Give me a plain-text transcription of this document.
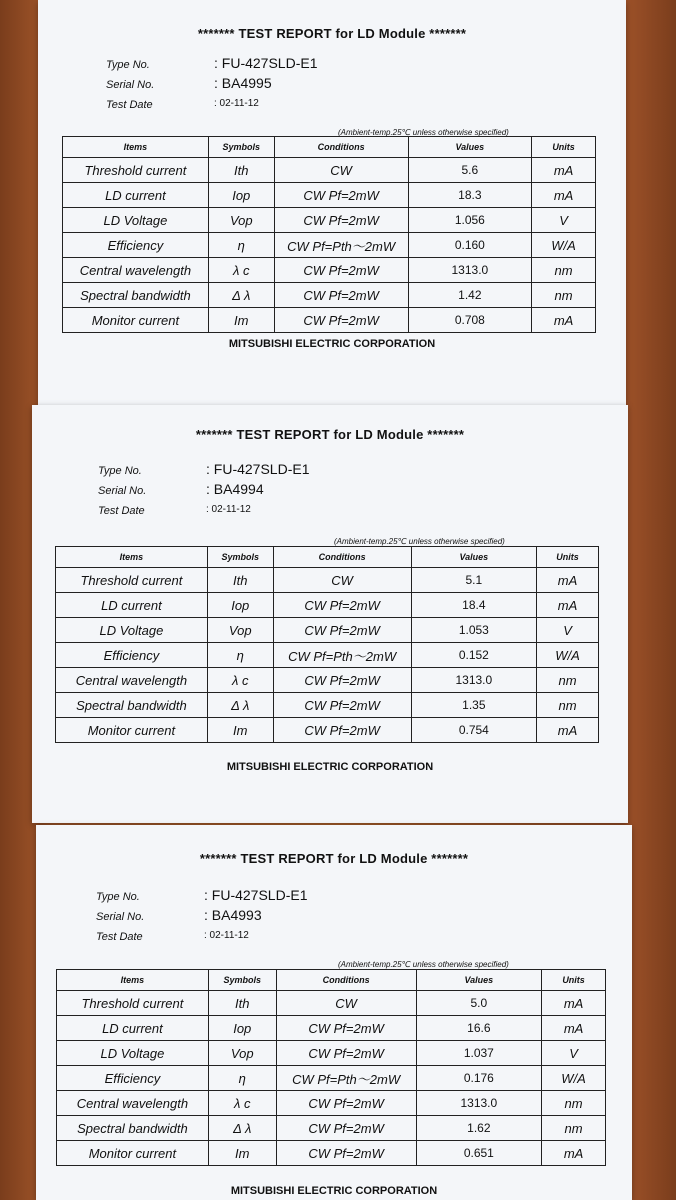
******* TEST REPORT for LD Module *******
Type No.	: FU-427SLD-E1
Serial No.	: BA4995
Test Date	: 02-11-12
(Ambient-temp.25℃ unless otherwise specified)
Items	Symbols	Conditions	Values	Units
Threshold current	Ith	CW	5.6	mA
LD current	Iop	CW Pf=2mW	18.3	mA
LD Voltage	Vop	CW Pf=2mW	1.056	V
Efficiency	η	CW Pf=Pth～2mW	0.160	W/A
Central wavelength	λ c	CW Pf=2mW	1313.0	nm
Spectral bandwidth	Δ λ	CW Pf=2mW	1.42	nm
Monitor current	Im	CW Pf=2mW	0.708	mA
MITSUBISHI ELECTRIC CORPORATION
******* TEST REPORT for LD Module *******
Type No.	: FU-427SLD-E1
Serial No.	: BA4994
Test Date	: 02-11-12
(Ambient-temp.25℃ unless otherwise specified)
Items	Symbols	Conditions	Values	Units
Threshold current	Ith	CW	5.1	mA
LD current	Iop	CW Pf=2mW	18.4	mA
LD Voltage	Vop	CW Pf=2mW	1.053	V
Efficiency	η	CW Pf=Pth～2mW	0.152	W/A
Central wavelength	λ c	CW Pf=2mW	1313.0	nm
Spectral bandwidth	Δ λ	CW Pf=2mW	1.35	nm
Monitor current	Im	CW Pf=2mW	0.754	mA
MITSUBISHI ELECTRIC CORPORATION
******* TEST REPORT for LD Module *******
Type No.	: FU-427SLD-E1
Serial No.	: BA4993
Test Date	: 02-11-12
(Ambient-temp.25℃ unless otherwise specified)
Items	Symbols	Conditions	Values	Units
Threshold current	Ith	CW	5.0	mA
LD current	Iop	CW Pf=2mW	16.6	mA
LD Voltage	Vop	CW Pf=2mW	1.037	V
Efficiency	η	CW Pf=Pth～2mW	0.176	W/A
Central wavelength	λ c	CW Pf=2mW	1313.0	nm
Spectral bandwidth	Δ λ	CW Pf=2mW	1.62	nm
Monitor current	Im	CW Pf=2mW	0.651	mA
MITSUBISHI ELECTRIC CORPORATION
